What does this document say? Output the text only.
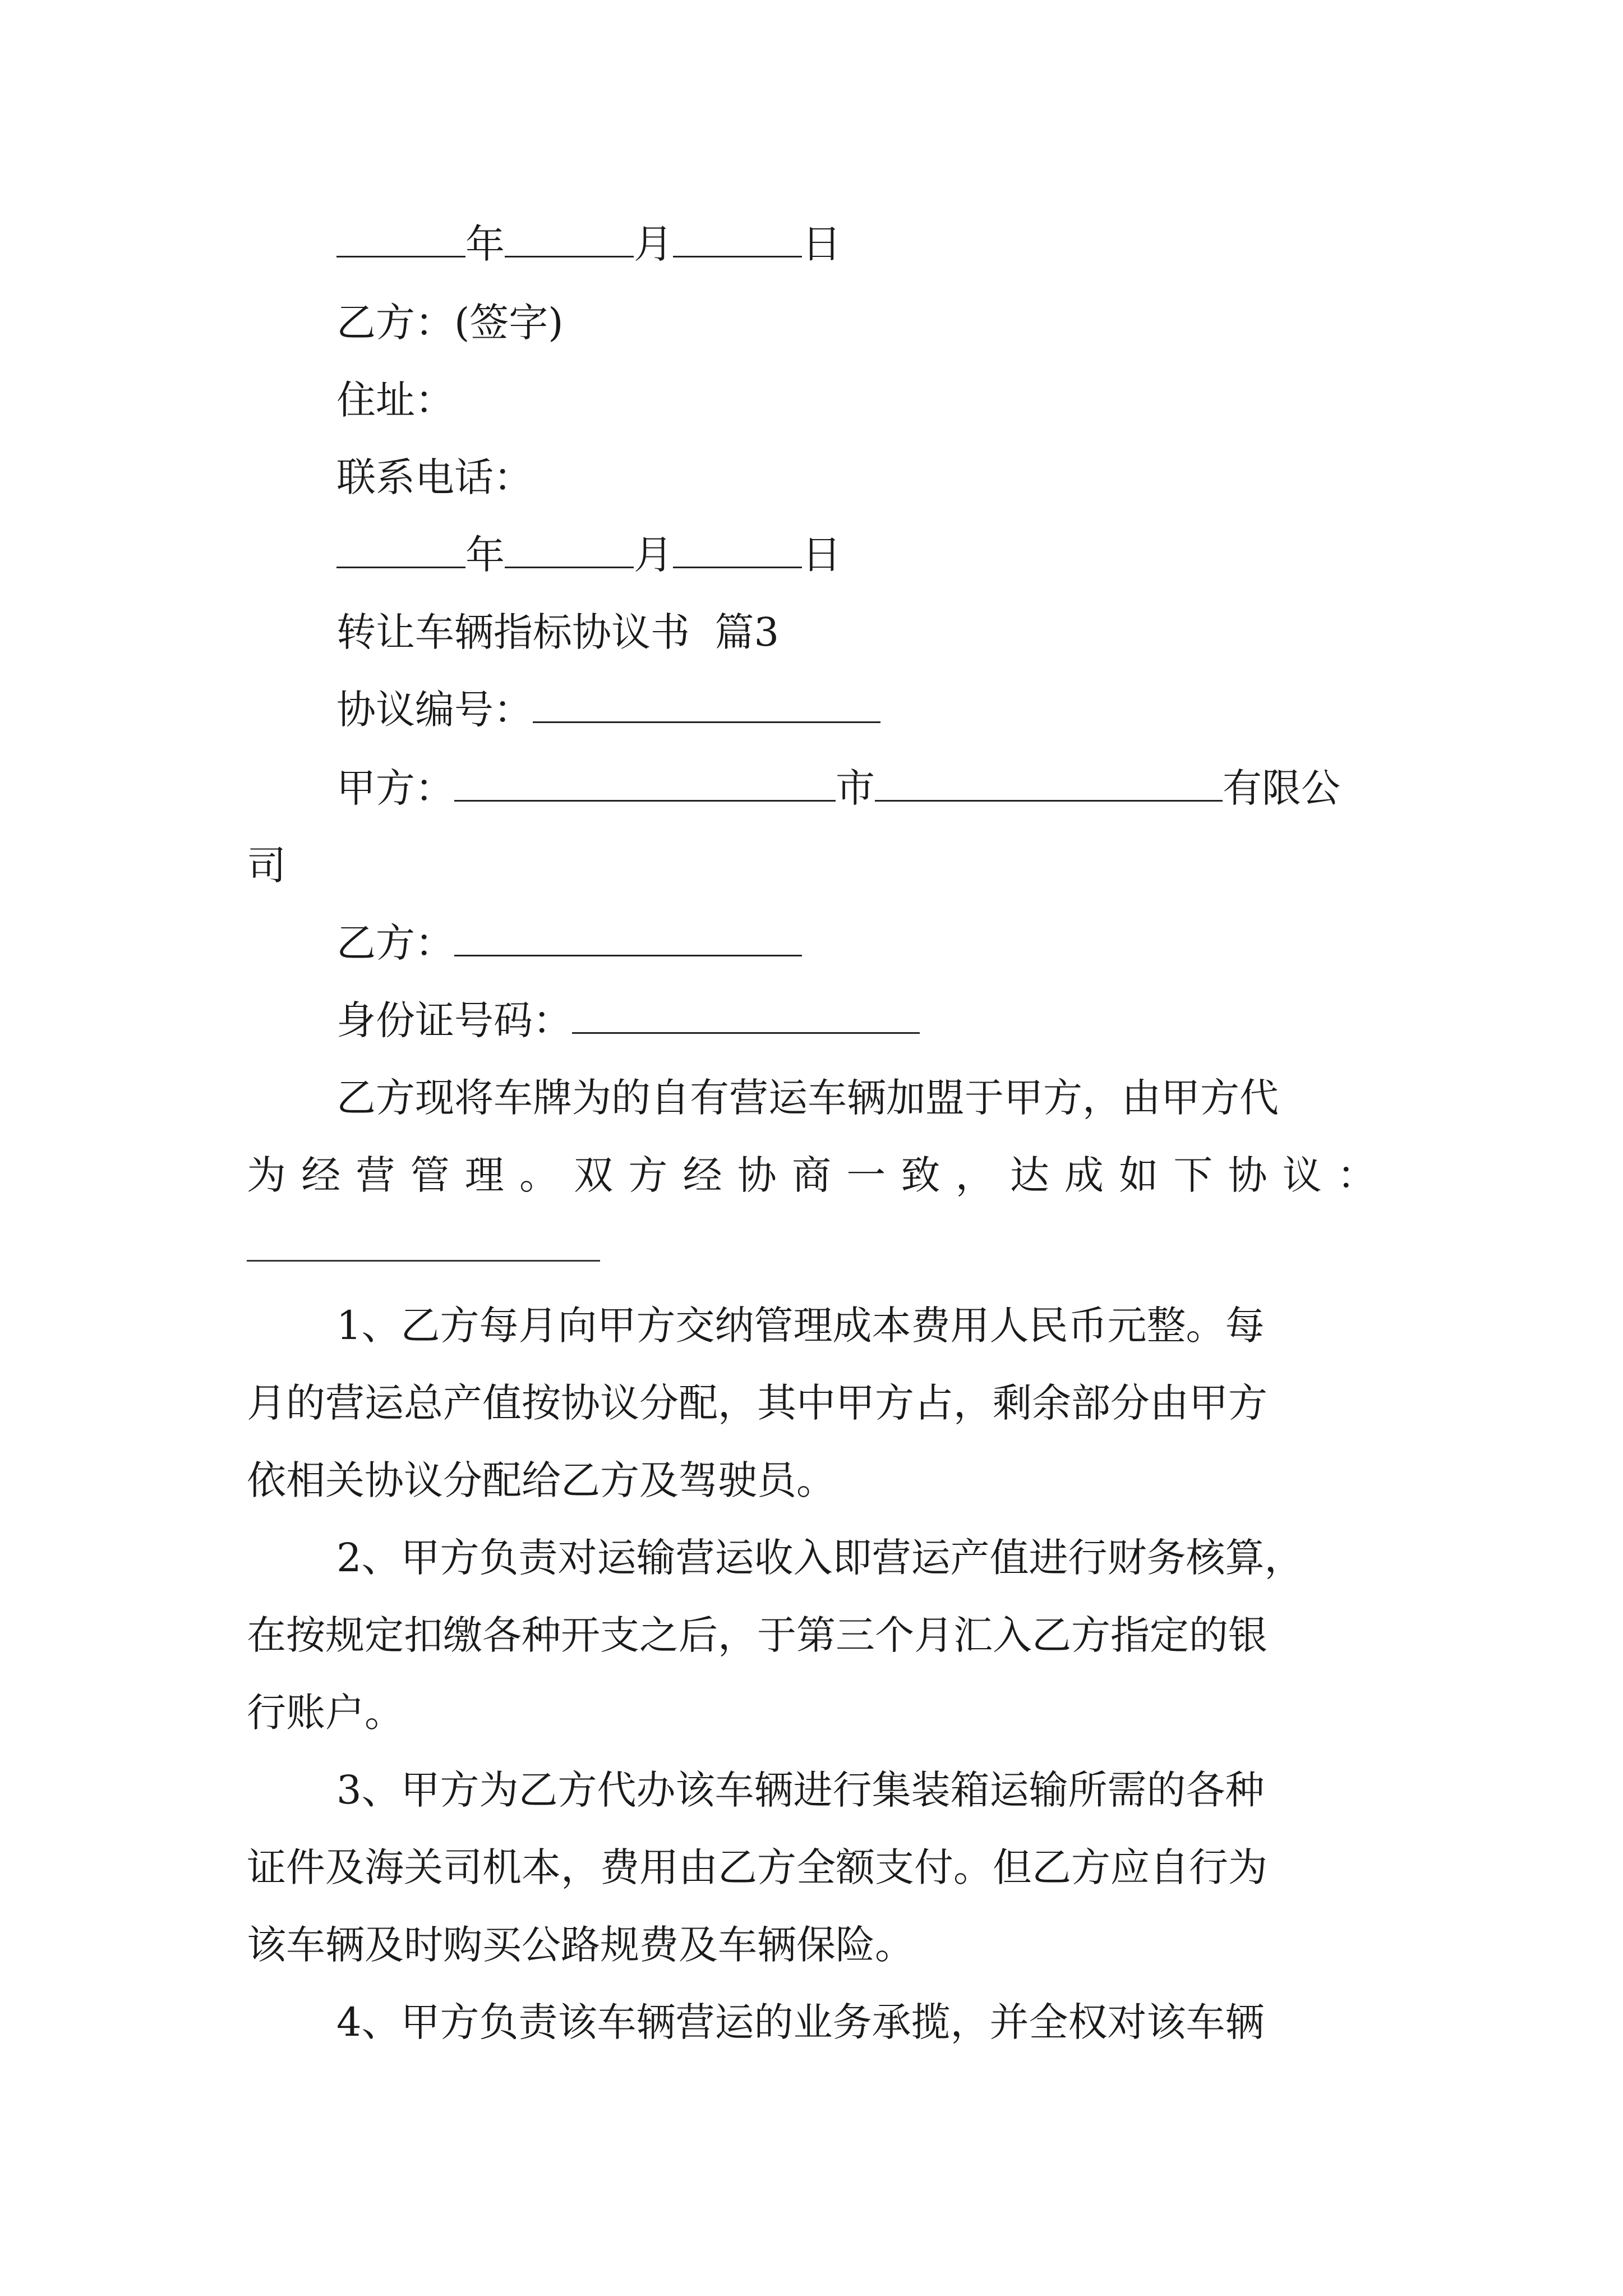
年	月	日
乙方：(签字)
住址：
联系电话：
年	月	日
转让车辆指标协议书  篇3
协议编号：
甲方：	市	有限公
司
乙方：
身份证号码：
乙方现将车牌为的自有营运车辆加盟于甲方，由甲方代
为经营管理。双方经协商一致，达成如下协议：
1、乙方每月向甲方交纳管理成本费用人民币元整。每
月的营运总产值按协议分配，其中甲方占，剩余部分由甲方
依相关协议分配给乙方及驾驶员。
2、甲方负责对运输营运收入即营运产值进行财务核算，
在按规定扣缴各种开支之后，于第三个月汇入乙方指定的银
行账户。
3、甲方为乙方代办该车辆进行集装箱运输所需的各种
证件及海关司机本，费用由乙方全额支付。但乙方应自行为
该车辆及时购买公路规费及车辆保险。
4、甲方负责该车辆营运的业务承揽，并全权对该车辆
